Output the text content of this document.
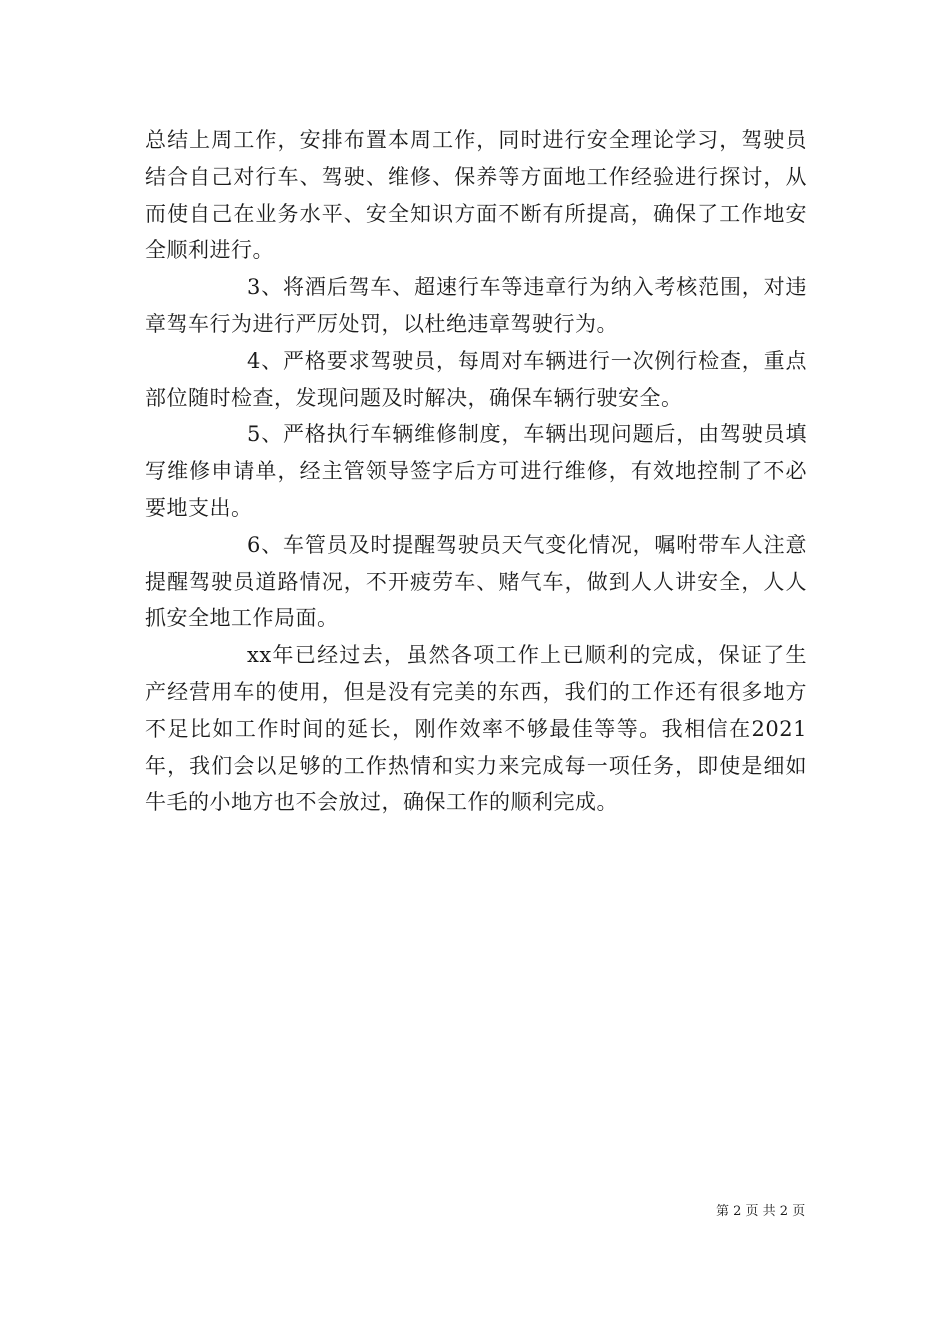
总结上周工作，安排布置本周工作，同时进行安全理论学习，驾驶员结合自己对行车、驾驶、维修、保养等方面地工作经验进行探讨，从而使自己在业务水平、安全知识方面不断有所提高，确保了工作地安全顺利进行。

3、将酒后驾车、超速行车等违章行为纳入考核范围，对违章驾车行为进行严厉处罚，以杜绝违章驾驶行为。

4、严格要求驾驶员，每周对车辆进行一次例行检查，重点部位随时检查，发现问题及时解决，确保车辆行驶安全。

5、严格执行车辆维修制度，车辆出现问题后，由驾驶员填写维修申请单，经主管领导签字后方可进行维修，有效地控制了不必要地支出。

6、车管员及时提醒驾驶员天气变化情况，嘱咐带车人注意提醒驾驶员道路情况，不开疲劳车、赌气车，做到人人讲安全，人人抓安全地工作局面。

xx年已经过去，虽然各项工作上已顺利的完成，保证了生产经营用车的使用，但是没有完美的东西，我们的工作还有很多地方不足比如工作时间的延长，刚作效率不够最佳等等。我相信在2021年，我们会以足够的工作热情和实力来完成每一项任务，即使是细如牛毛的小地方也不会放过，确保工作的顺利完成。

第 2 页 共 2 页
